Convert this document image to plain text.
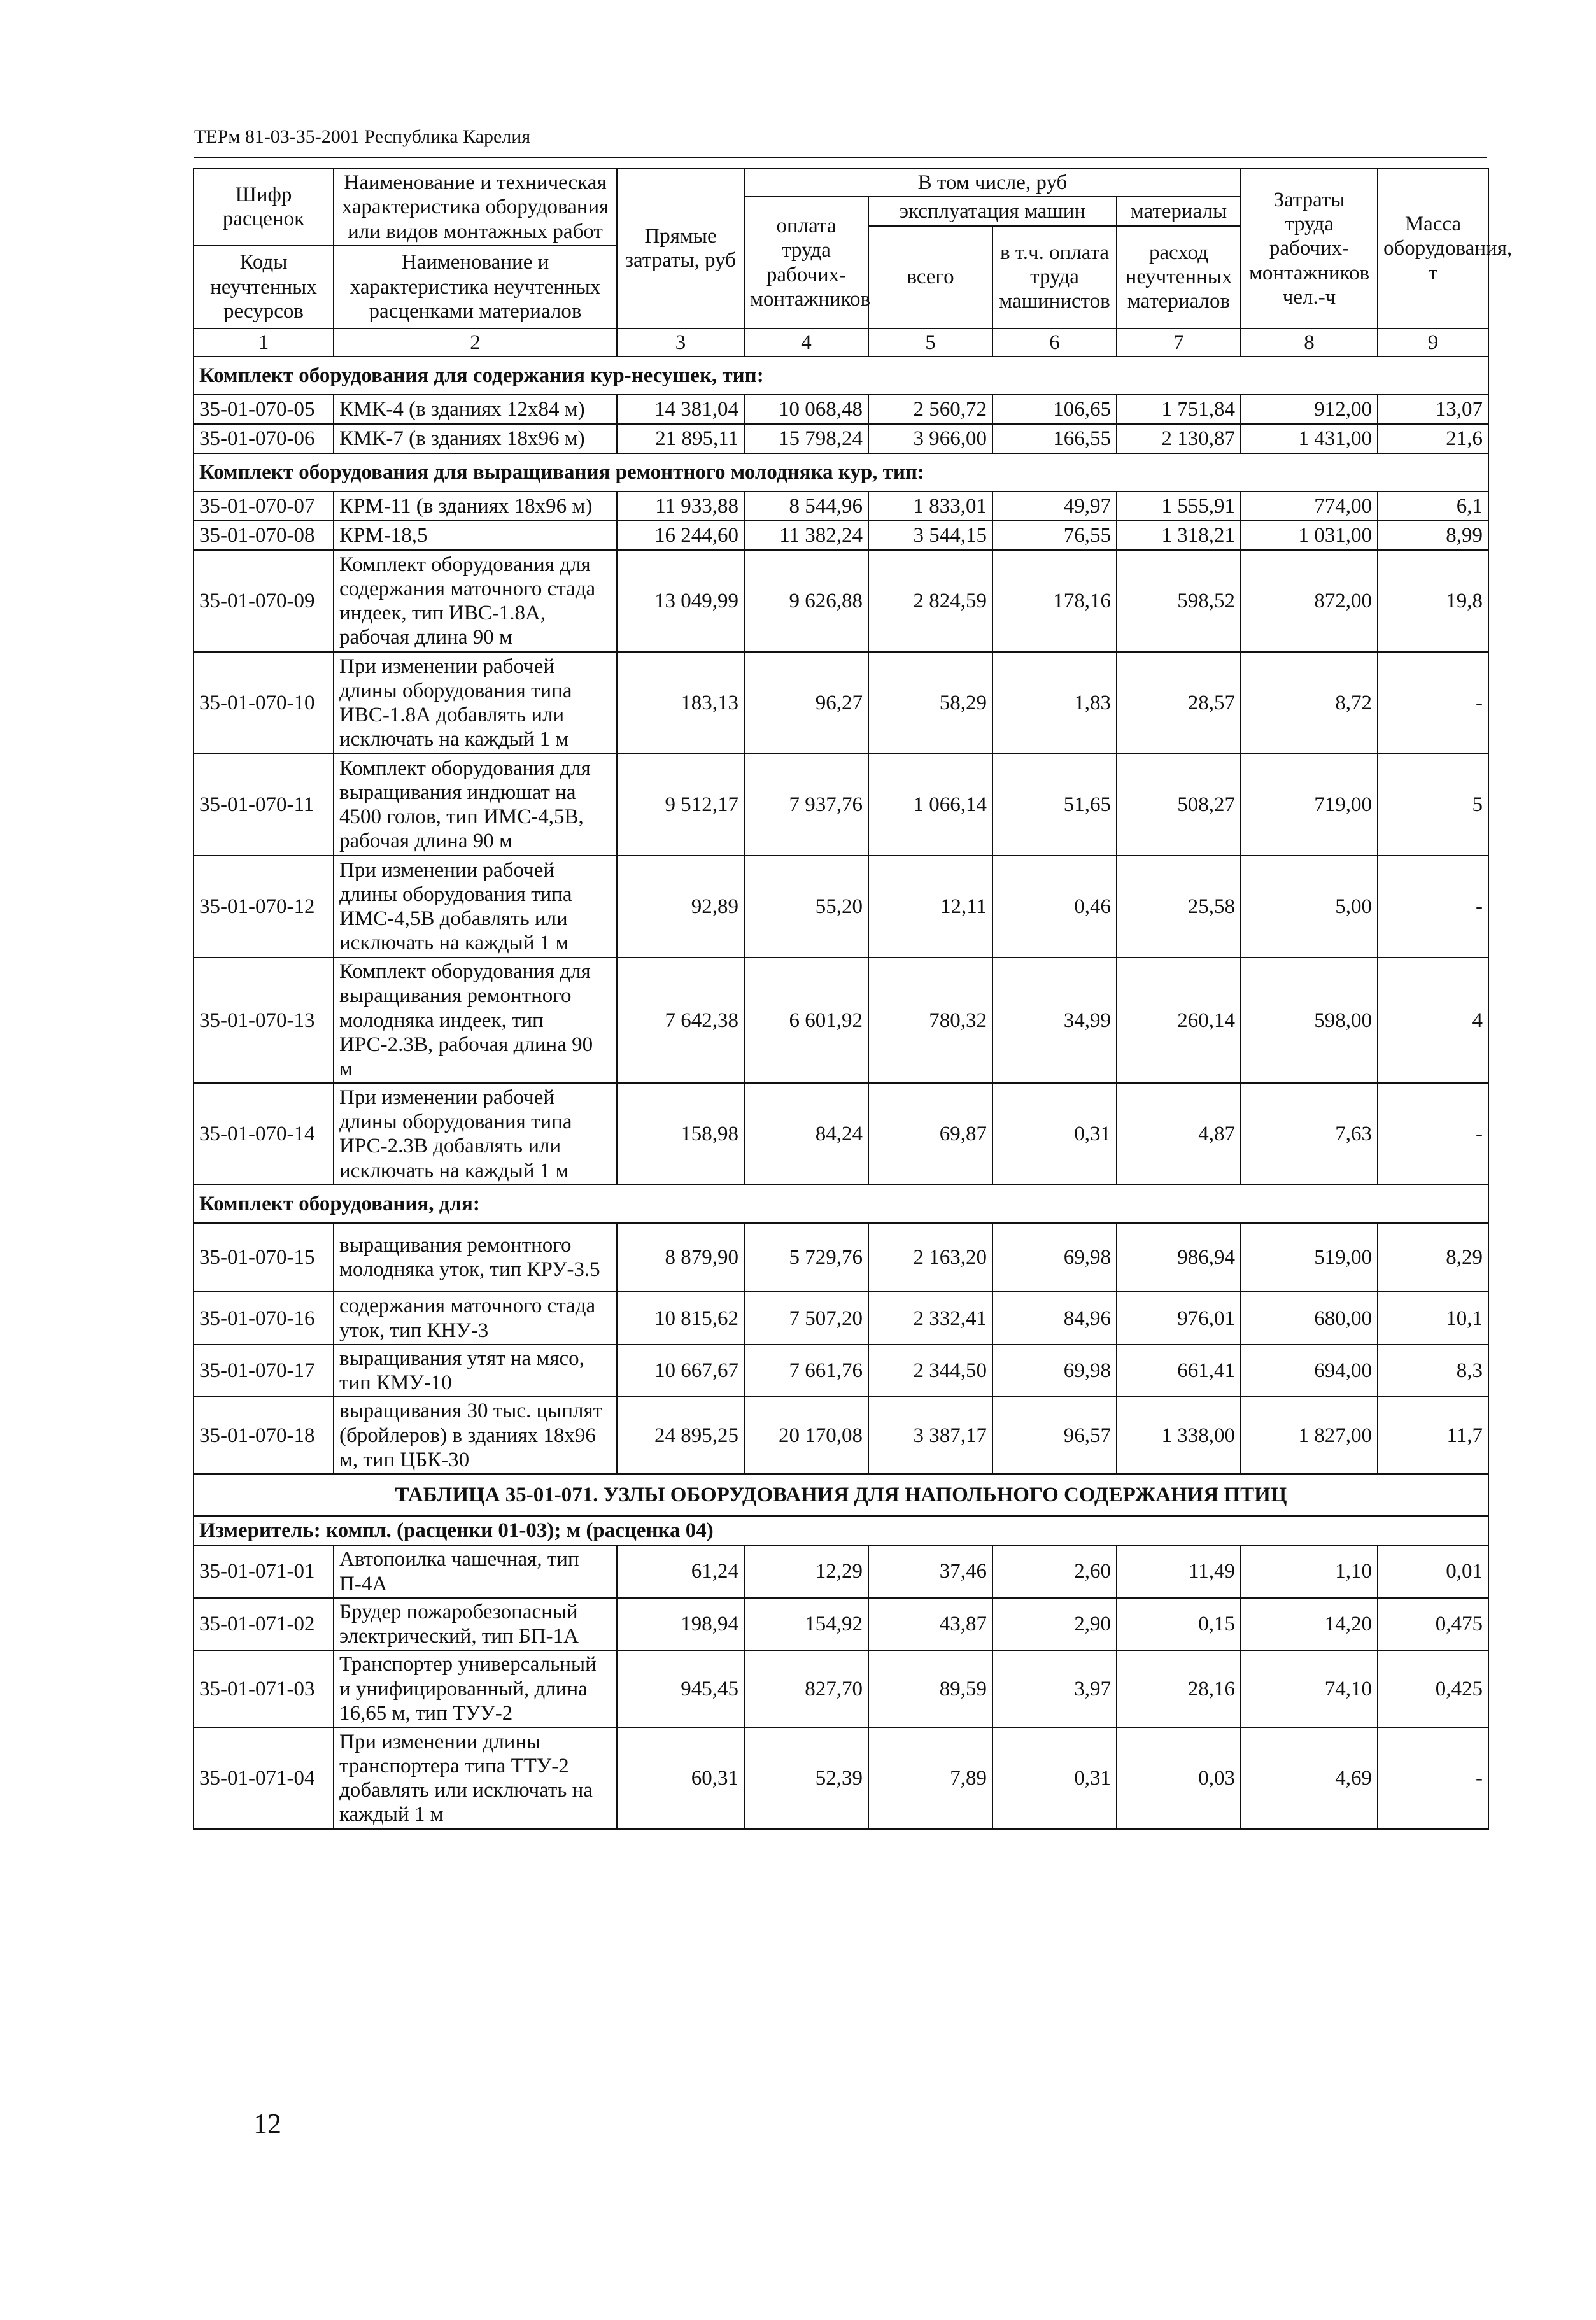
ТЕРм 81-03-35-2001 Республика Карелия
Шифр расценок	Наименование и техническая характеристика оборудования или видов монтажных работ	Прямые затраты, руб	В том числе, руб				Затраты труда рабочих-монтажников чел.-ч	Масса оборудования, т
			оплата труда рабочих-монтажников	эксплуатация машин		материалы		
				всего	в т.ч. оплата труда машинистов	расход неучтенных материалов		
Коды неучтенных ресурсов	Наименование и характеристика неучтенных расценками материалов							

1	2	3	4	5	6	7	8	9
Комплект оборудования для содержания кур-несушек, тип:								
35-01-070-05	КМК-4 (в зданиях 12х84 м)	14 381,04	10 068,48	2 560,72	106,65	1 751,84	912,00	13,07
35-01-070-06	КМК-7 (в зданиях 18х96 м)	21 895,11	15 798,24	3 966,00	166,55	2 130,87	1 431,00	21,6
Комплект оборудования для выращивания ремонтного молодняка кур, тип:								
35-01-070-07	КРМ-11 (в зданиях 18х96 м)	11 933,88	8 544,96	1 833,01	49,97	1 555,91	774,00	6,1
35-01-070-08	КРМ-18,5	16 244,60	11 382,24	3 544,15	76,55	1 318,21	1 031,00	8,99
35-01-070-09	Комплект оборудования для содержания маточного стада индеек, тип ИВС-1.8А, рабочая длина 90 м	13 049,99	9 626,88	2 824,59	178,16	598,52	872,00	19,8
35-01-070-10	При изменении рабочей длины оборудования типа ИВС-1.8А добавлять или исключать на каждый 1 м	183,13	96,27	58,29	1,83	28,57	8,72	-
35-01-070-11	Комплект оборудования для выращивания индюшат на 4500 голов, тип ИМС-4,5В, рабочая длина 90 м	9 512,17	7 937,76	1 066,14	51,65	508,27	719,00	5
35-01-070-12	При изменении рабочей длины оборудования типа ИМС-4,5В добавлять или исключать на каждый 1 м	92,89	55,20	12,11	0,46	25,58	5,00	-
35-01-070-13	Комплект оборудования для выращивания ремонтного молодняка индеек, тип ИРС-2.3В, рабочая длина 90 м	7 642,38	6 601,92	780,32	34,99	260,14	598,00	4
35-01-070-14	При изменении рабочей длины оборудования типа ИРС-2.3В добавлять или исключать на каждый 1 м	158,98	84,24	69,87	0,31	4,87	7,63	-
Комплект оборудования, для:								
35-01-070-15	выращивания ремонтного молодняка уток, тип КРУ-3.5	8 879,90	5 729,76	2 163,20	69,98	986,94	519,00	8,29
35-01-070-16	содержания маточного стада уток, тип КНУ-3	10 815,62	7 507,20	2 332,41	84,96	976,01	680,00	10,1
35-01-070-17	выращивания утят на мясо, тип КМУ-10	10 667,67	7 661,76	2 344,50	69,98	661,41	694,00	8,3
35-01-070-18	выращивания 30 тыс. цыплят (бройлеров) в зданиях 18х96 м, тип ЦБК-30	24 895,25	20 170,08	3 387,17	96,57	1 338,00	1 827,00	11,7
ТАБЛИЦА 35-01-071. УЗЛЫ ОБОРУДОВАНИЯ ДЛЯ НАПОЛЬНОГО СОДЕРЖАНИЯ ПТИЦ								
Измеритель: компл. (расценки 01-03); м (расценка 04)								
35-01-071-01	Автопоилка чашечная, тип П-4А	61,24	12,29	37,46	2,60	11,49	1,10	0,01
35-01-071-02	Брудер пожаробезопасный электрический, тип БП-1А	198,94	154,92	43,87	2,90	0,15	14,20	0,475
35-01-071-03	Транспортер универсальный и унифицированный, длина 16,65 м, тип ТУУ-2	945,45	827,70	89,59	3,97	28,16	74,10	0,425
35-01-071-04	При изменении длины транспортера типа ТТУ-2 добавлять или исключать на каждый 1 м	60,31	52,39	7,89	0,31	0,03	4,69	-
12
